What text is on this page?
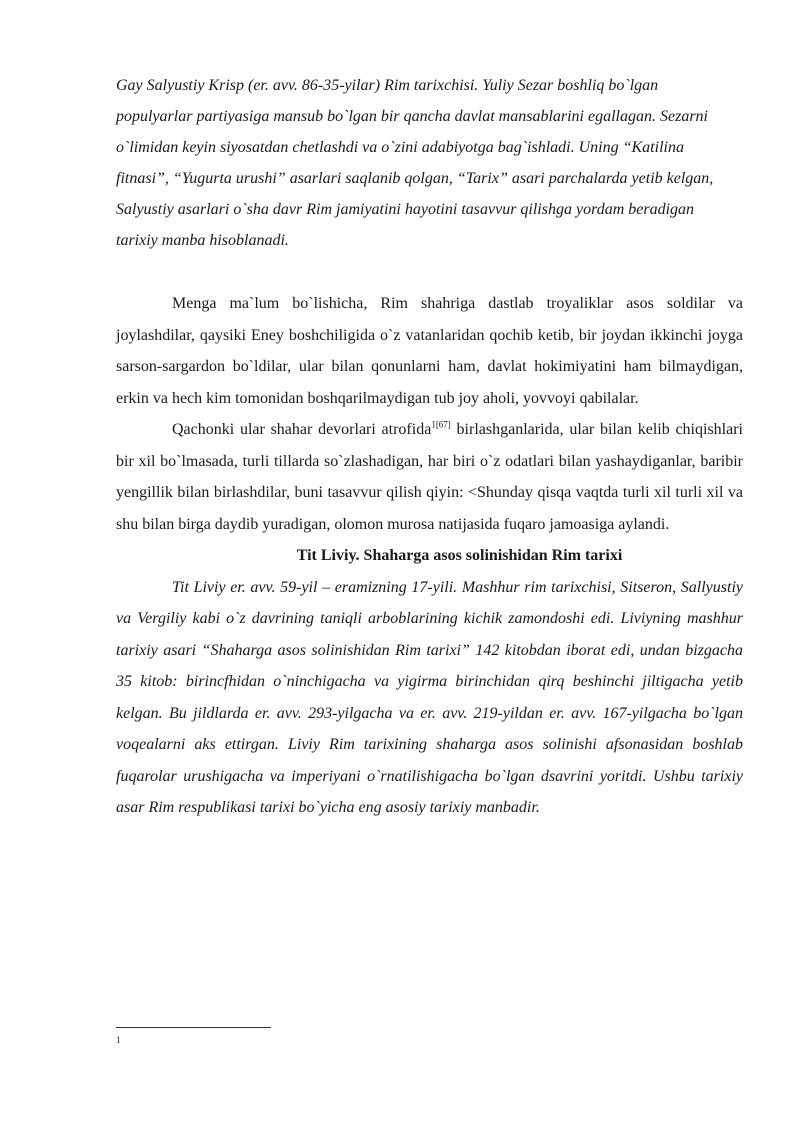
Gay Salyustiy Krisp (er. avv. 86-35-yilar) Rim tarixchisi. Yuliy Sezar boshliq bo`lgan populyarlar partiyasiga mansub bo`lgan bir qancha davlat mansablarini egallagan. Sezarni o`limidan keyin siyosatdan chetlashdi va o`zini adabiyotga bag`ishladi. Uning “Katilina fitnasi”, “Yugurta urushi” asarlari saqlanib qolgan, “Tarix” asari parchalarda yetib kelgan, Salyustiy asarlari o`sha davr Rim jamiyatini hayotini tasavvur qilishga yordam beradigan tarixiy manba hisoblanadi.

Menga ma`lum bo`lishicha, Rim shahriga dastlab troyaliklar asos soldilar va joylashdilar, qaysiki Eney boshchiligida o`z vatanlaridan qochib ketib, bir joydan ikkinchi joyga sarson-sargardon bo`ldilar, ular bilan qonunlarni ham, davlat hokimiyatini ham bilmaydigan, erkin va hech kim tomonidan boshqarilmaydigan tub joy aholi, yovvoyi qabilalar.

Qachonki ular shahar devorlari atrofida$^{1[67]}$ birlashganlarida, ular bilan kelib chiqishlari bir xil bo`lmasada, turli tillarda so`zlashadigan, har biri o`z odatlari bilan yashaydiganlar, baribir yengillik bilan birlashdilar, buni tasavvur qilish qiyin: <Shunday qisqa vaqtda turli xil turli xil va shu bilan birga daydib yuradigan, olomon murosa natijasida fuqaro jamoasiga aylandi.

Tit Liviy. Shaharga asos solinishidan Rim tarixi

Tit Liviy er. avv. 59-yil – eramizning 17-yili. Mashhur rim tarixchisi, Sitseron, Sallyustiy va Vergiliy kabi o`z davrining taniqli arboblarining kichik zamondoshi edi. Liviyning mashhur tarixiy asari “Shaharga asos solinishidan Rim tarixi” 142 kitobdan iborat edi, undan bizgacha 35 kitob: birincfhidan o`ninchigacha va yigirma birinchidan qirq beshinchi jiltigacha yetib kelgan. Bu jildlarda er. avv. 293-yilgacha va er. avv. 219-yildan er. avv. 167-yilgacha bo`lgan voqealarni aks ettirgan. Liviy Rim tarixining shaharga asos solinishi afsonasidan boshlab fuqarolar urushigacha va imperiyani o`rnatilishigacha bo`lgan dsavrini yoritdi. Ushbu tarixiy asar Rim respublikasi tarixi bo`yicha eng asosiy tarixiy manbadir.

1
